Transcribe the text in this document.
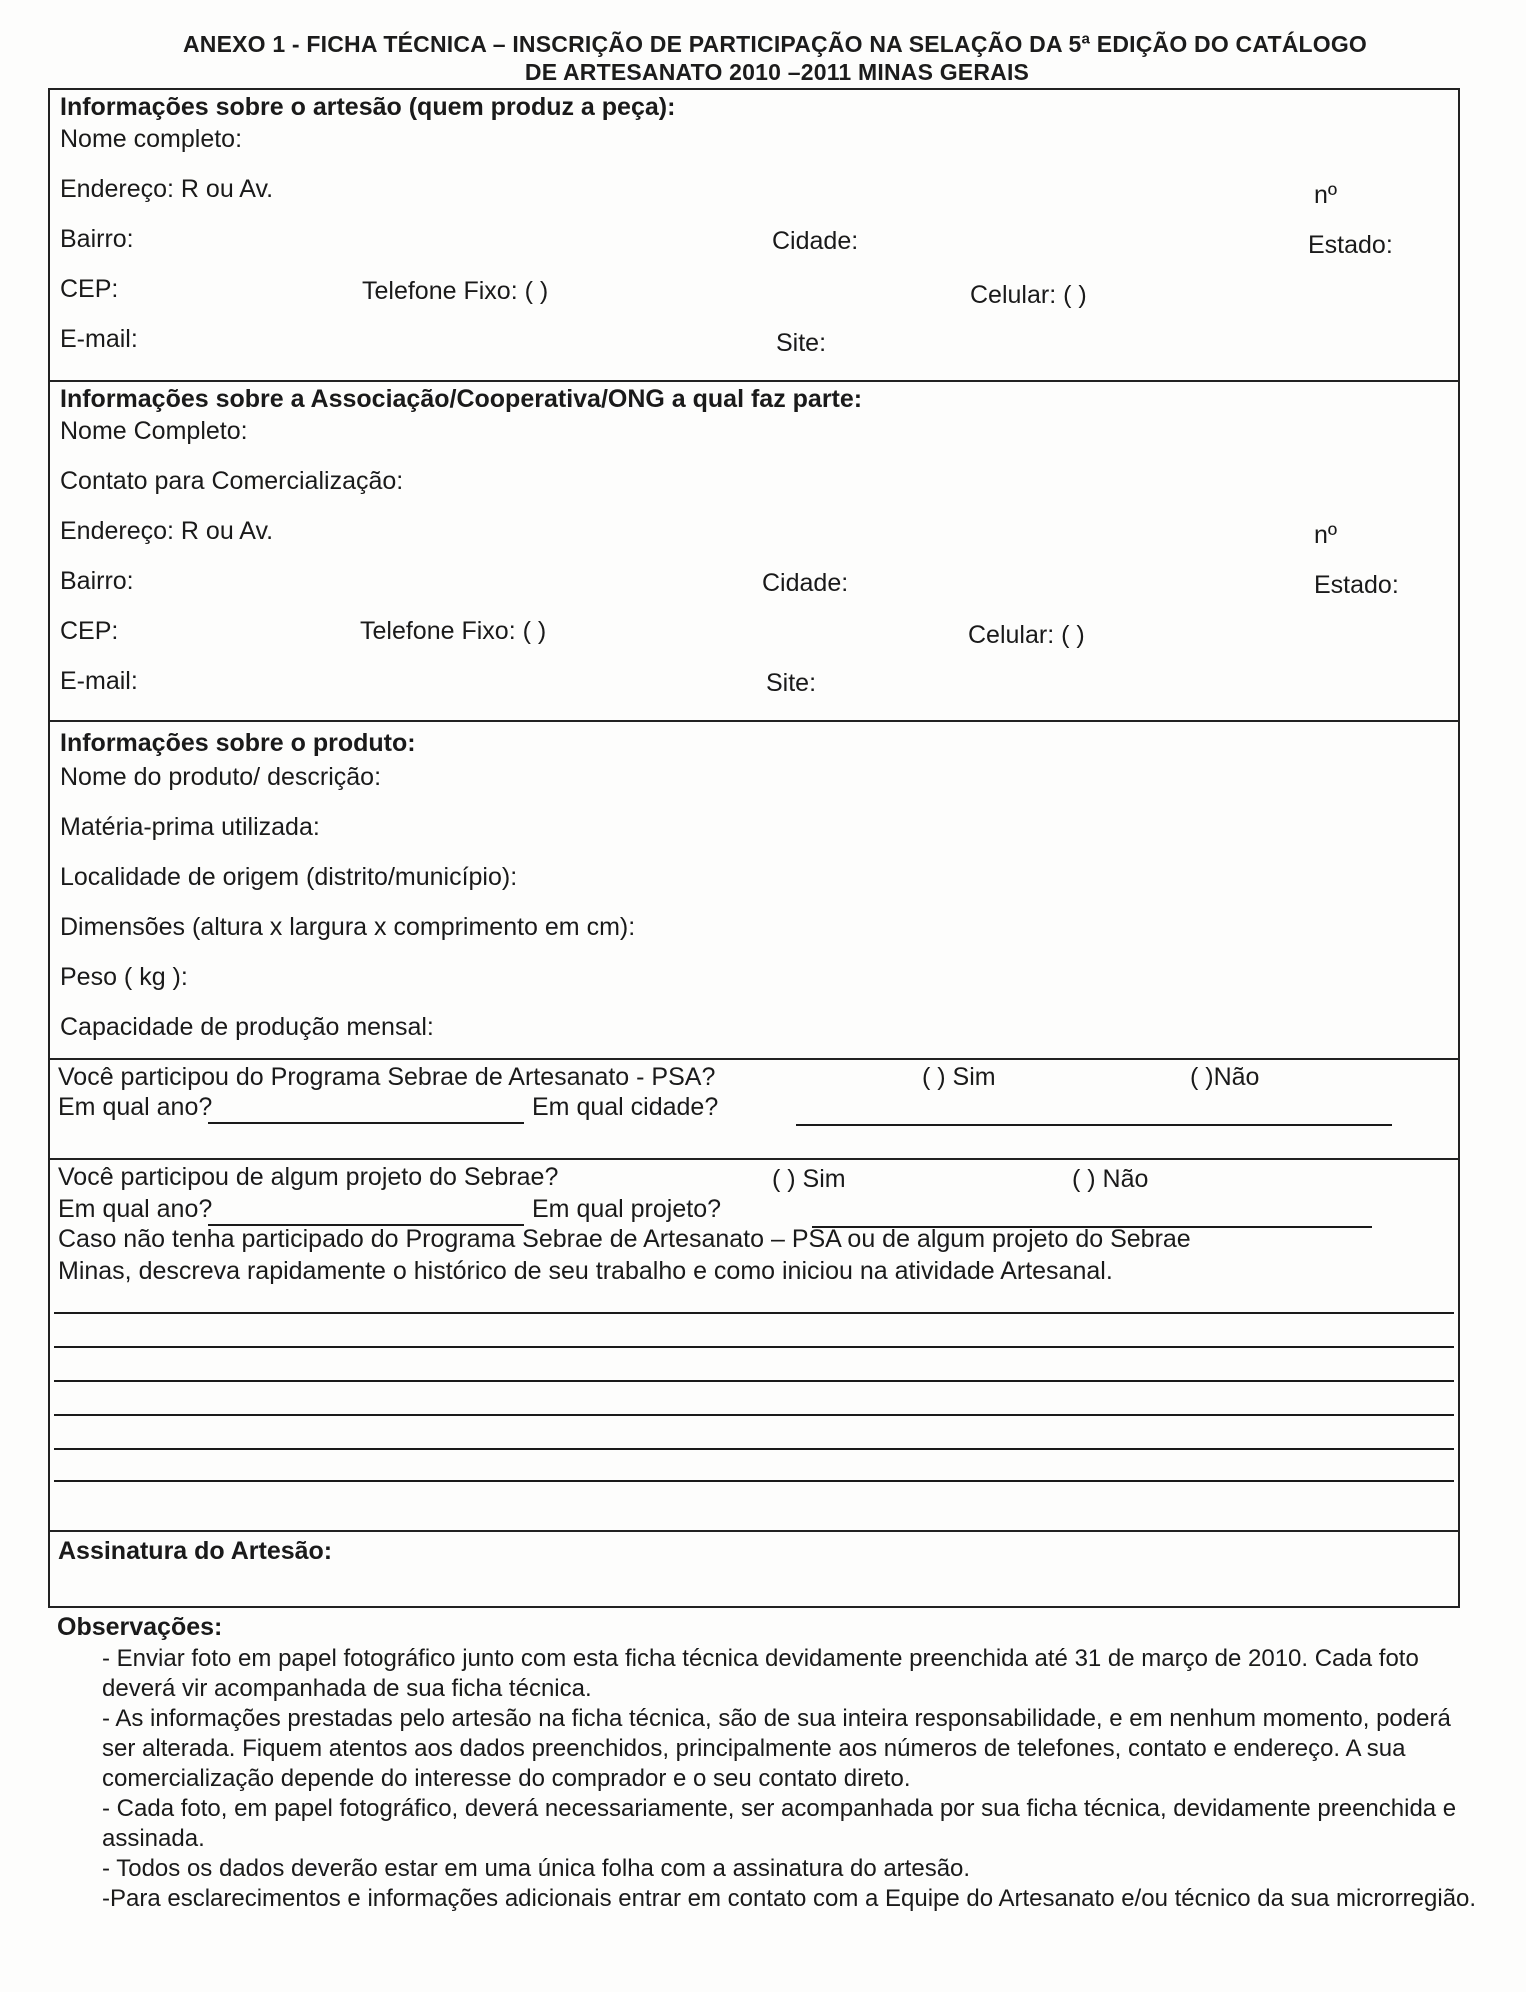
ANEXO 1 - FICHA TÉCNICA – INSCRIÇÃO DE PARTICIPAÇÃO NA SELAÇÃO DA 5ª EDIÇÃO DO CATÁLOGO
DE ARTESANATO 2010 –2011 MINAS GERAIS
Informações sobre o artesão (quem produz a peça):
Nome completo:
Endereço: R ou Av.	nº
Bairro:	Cidade:	Estado:
CEP:	Telefone Fixo: ( )	Celular: ( )
E-mail:	Site:
Informações sobre a Associação/Cooperativa/ONG a qual faz parte:
Nome Completo:
Contato para Comercialização:
Endereço: R ou Av.	nº
Bairro:	Cidade:	Estado:
CEP:	Telefone Fixo: ( )	Celular: ( )
E-mail:	Site:
Informações sobre o produto:
Nome do produto/ descrição:
Matéria-prima utilizada:
Localidade de origem (distrito/município):
Dimensões (altura x largura x comprimento em cm):
Peso ( kg ):
Capacidade de produção mensal:
Você participou do Programa Sebrae de Artesanato - PSA?	( ) Sim	( )Não
Em qual ano?	Em qual cidade?
Você participou de algum projeto do Sebrae?	( ) Sim	( ) Não
Em qual ano?	Em qual projeto?
Caso não tenha participado do Programa Sebrae de Artesanato – PSA ou de algum projeto do Sebrae
Minas, descreva rapidamente o histórico de seu trabalho e como iniciou na atividade Artesanal.
Assinatura do Artesão:
Observações:

- Enviar foto em papel fotográfico junto com esta ficha técnica devidamente preenchida até 31 de março de 2010. Cada foto deverá vir acompanhada de sua ficha técnica.

- As informações prestadas pelo artesão na ficha técnica, são de sua inteira responsabilidade, e em nenhum momento, poderá ser alterada. Fiquem atentos aos dados preenchidos, principalmente aos números de telefones, contato e endereço. A sua comercialização depende do interesse do comprador e o seu contato direto.

- Cada foto, em papel fotográfico, deverá necessariamente, ser acompanhada por sua ficha técnica, devidamente preenchida e assinada.

- Todos os dados deverão estar em uma única folha com a assinatura do artesão.

-Para esclarecimentos e informações adicionais entrar em contato com a Equipe do Artesanato e/ou técnico da sua microrregião.
